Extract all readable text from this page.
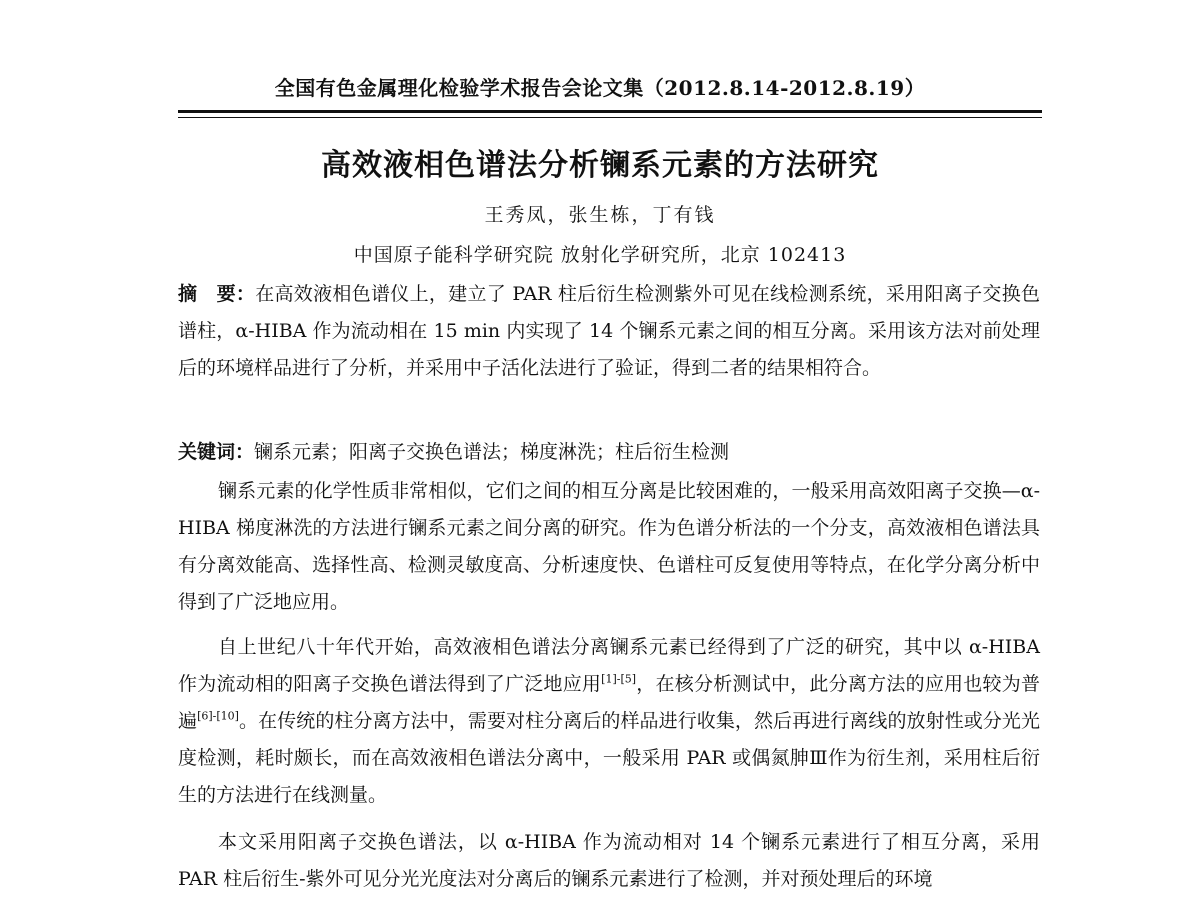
全国有色金属理化检验学术报告会论文集（2012.8.14-2012.8.19）
高效液相色谱法分析镧系元素的方法研究
王秀凤，张生栋，丁有钱
中国原子能科学研究院 放射化学研究所，北京 102413

摘　要：在高效液相色谱仪上，建立了 PAR 柱后衍生检测紫外可见在线检测系统，采用阳离子交换色谱柱，α-HIBA 作为流动相在 15 min 内实现了 14 个镧系元素之间的相互分离。采用该方法对前处理后的环境样品进行了分析，并采用中子活化法进行了验证，得到二者的结果相符合。

关键词：镧系元素；阳离子交换色谱法；梯度淋洗；柱后衍生检测

镧系元素的化学性质非常相似，它们之间的相互分离是比较困难的，一般采用高效阳离子交换—α-HIBA 梯度淋洗的方法进行镧系元素之间分离的研究。作为色谱分析法的一个分支，高效液相色谱法具有分离效能高、选择性高、检测灵敏度高、分析速度快、色谱柱可反复使用等特点，在化学分离分析中得到了广泛地应用。

自上世纪八十年代开始，高效液相色谱法分离镧系元素已经得到了广泛的研究，其中以 α-HIBA 作为流动相的阳离子交换色谱法得到了广泛地应用[1]-[5]，在核分析测试中，此分离方法的应用也较为普遍[6]-[10]。在传统的柱分离方法中，需要对柱分离后的样品进行收集，然后再进行离线的放射性或分光光度检测，耗时颇长，而在高效液相色谱法分离中，一般采用 PAR 或偶氮胂Ⅲ作为衍生剂，采用柱后衍生的方法进行在线测量。

本文采用阳离子交换色谱法，以 α-HIBA 作为流动相对 14 个镧系元素进行了相互分离，采用 PAR 柱后衍生-紫外可见分光光度法对分离后的镧系元素进行了检测，并对预处理后的环境
